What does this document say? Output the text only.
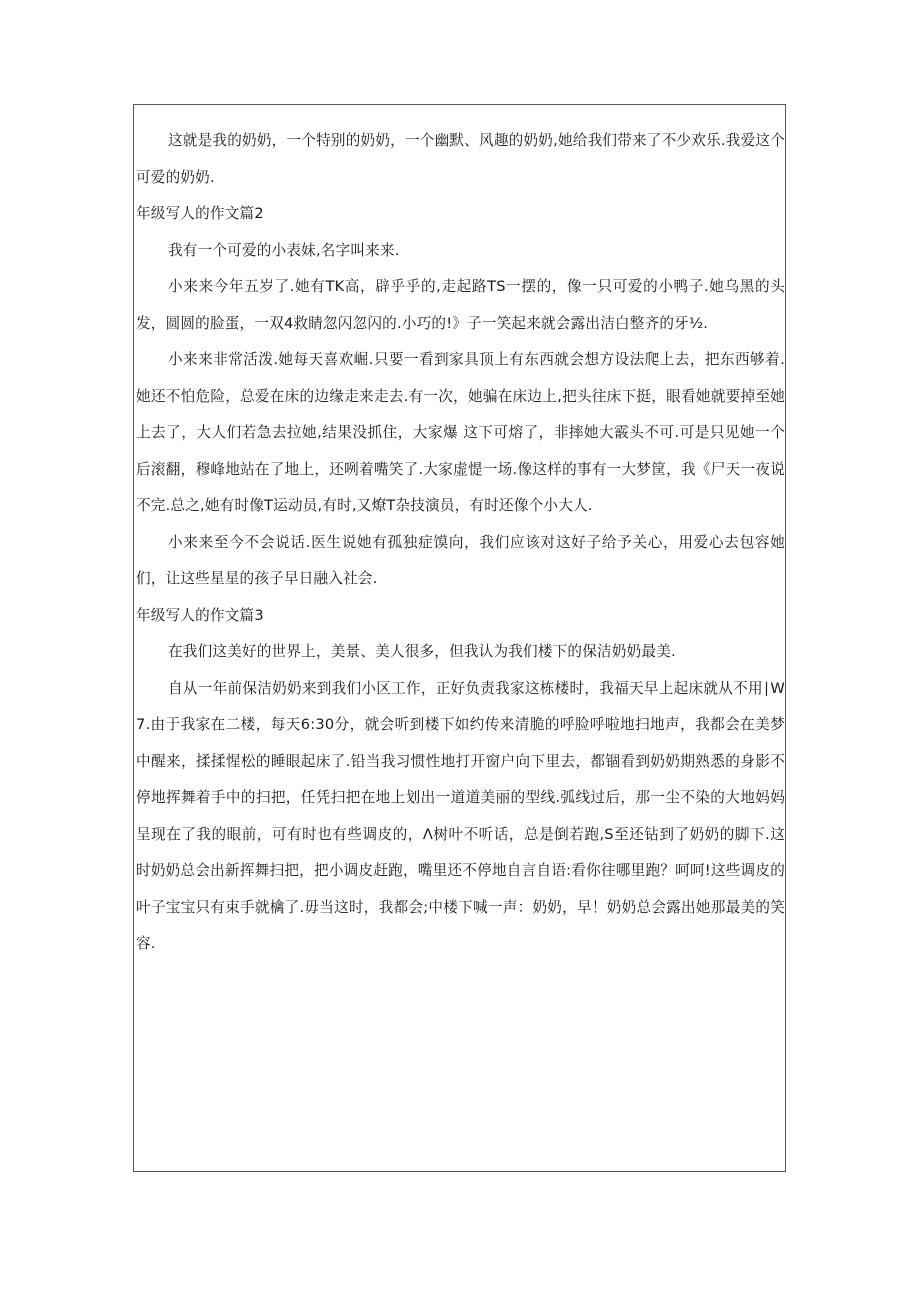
这就是我的奶奶，一个特别的奶奶，一个幽默、风趣的奶奶,她给我们带来了不少欢乐.我爱这个可爱的奶奶.

年级写人的作文篇2

我有一个可爱的小表妹,名字叫来来.

小来来今年五岁了.她有TK高，辟乎乎的,走起路TS一摆的，像一只可爱的小鸭子.她乌黑的头发，圆圆的脸蛋，一双4救睛忽闪忽闪的.小巧的!》子一笑起来就会露出洁白整齐的牙½.

小来来非常活泼.她每天喜欢崛.只要一看到家具顶上有东西就会想方设法爬上去，把东西够着.她还不怕危险，总爱在床的边缘走来走去.有一次，她骗在床边上,把头往床下挺，眼看她就要掉至她上去了，大人们若急去拉她,结果没抓住，大家爆 这下可熔了，非摔她大霰头不可.可是只见她一个后滚翻，穆峰地站在了地上，还咧着嘴笑了.大家虚惿一场.像这样的事有一大梦筐，我《尸天一夜说不完.总之,她有时像T运动员,有时,又燎T杂技演员，有时还像个小大人.

小来来至今不会说话.医生说她有孤独症馍向，我们应该对这好子给予关心，用爱心去包容她们，让这些星星的孩子早日融入社会.

年级写人的作文篇3

在我们这美好的世界上，美景、美人很多，但我认为我们楼下的保洁奶奶最美.

自从一年前保洁奶奶来到我们小区工作，正好负责我家这栋楼时，我福天早上起床就从不用∣W7.由于我家在二楼，每天6:30分，就会听到楼下如约传来清脆的呼脸呼啦地扫地声，我都会在美梦中醒来，揉揉惺松的睡眼起床了.铅当我习惯性地打开窗户向下里去，都锢看到奶奶期熟悉的身影不停地挥舞着手中的扫把，任凭扫把在地上划出一道道美丽的型线.弧线过后，那一尘不染的大地妈妈呈现在了我的眼前，可有时也有些调皮的，Λ树叶不听话，总是倒若跑,S至还钻到了奶奶的脚下.这时奶奶总会出新挥舞扫把，把小调皮赶跑，嘴里还不停地自言自语:看你往哪里跑？呵呵!这些调皮的叶子宝宝只有束手就檎了.毋当这时，我都会;中楼下喊一声：奶奶，早！奶奶总会露出她那最美的笑容.
